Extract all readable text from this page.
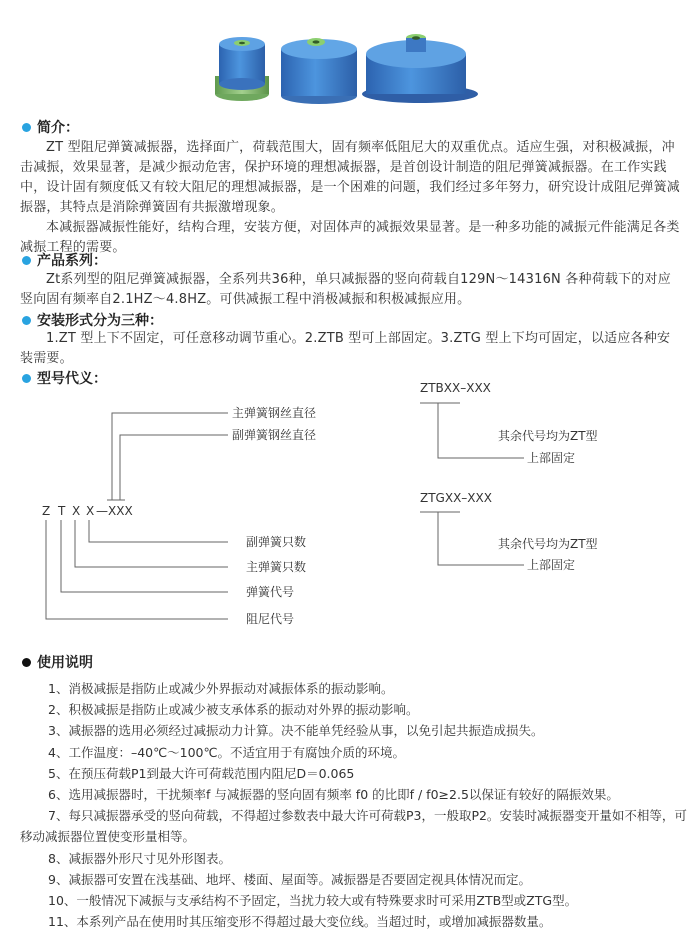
简介：

ZT 型阻尼弹簧减振器，选择面广，荷载范围大，固有频率低阻尼大的双重优点。适应生强，对积极减振，冲击减振，效果显著，是减少振动危害，保护环境的理想减振器，是首创设计制造的阻尼弹簧减振器。在工作实践中，设计固有频度低又有较大阻尼的理想减振器，是一个困难的问题，我们经过多年努力，研究设计成阻尼弹簧减振器，其特点是消除弹簧固有共振激增现象。

本减振器减振性能好，结构合理，安装方便，对固体声的减振效果显著。是一种多功能的减振元件能满足各类减振工程的需要。

产品系列：

Zt系列型的阻尼弹簧减振器，全系列共36种，单只减振器的竖向荷载自129N～14316N 各种荷载下的对应竖向固有频率自2.1HZ～4.8HZ。可供减振工程中消极减振和积极减振应用。

安装形式分为三种：

1.ZT 型上下不固定，可任意移动调节重心。2.ZTB 型可上部固定。3.ZTG 型上下均可固定，以适应各种安装需要。

型号代义：
Z T X X —XXX
主弹簧钢丝直径
副弹簧钢丝直径
副弹簧只数
主弹簧只数
弹簧代号
阻尼代号
ZTBXX–XXX
其余代号均为ZT型
上部固定
ZTGXX–XXX
其余代号均为ZT型
上部固定
使用说明
1、消极减振是指防止或减少外界振动对减振体系的振动影响。
2、积极减振是指防止或减少被支承体系的振动对外界的振动影响。
3、减振器的选用必须经过减振动力计算。决不能单凭经验从事，以免引起共振造成损失。
4、工作温度：–40℃～100℃。不适宜用于有腐蚀介质的环境。
5、在预压荷载P1到最大许可荷载范围内阻尼D＝0.065
6、选用减振器时，干扰频率f 与减振器的竖向固有频率 f0 的比即f / f0≥2.5以保证有较好的隔振效果。
7、每只减振器承受的竖向荷载，不得超过参数表中最大许可荷载P3，一般取P2。安装时减振器变开量如不相等，可移动减振器位置使变形量相等。
8、减振器外形尺寸见外形图表。
9、减振器可安置在浅基础、地坪、楼面、屋面等。减振器是否要固定视具体情况而定。
10、一般情况下减振与支承结构不予固定，当扰力较大或有特殊要求时可采用ZTB型或ZTG型。
11、本系列产品在使用时其压缩变形不得超过最大变位线。当超过时，或增加减振器数量。
